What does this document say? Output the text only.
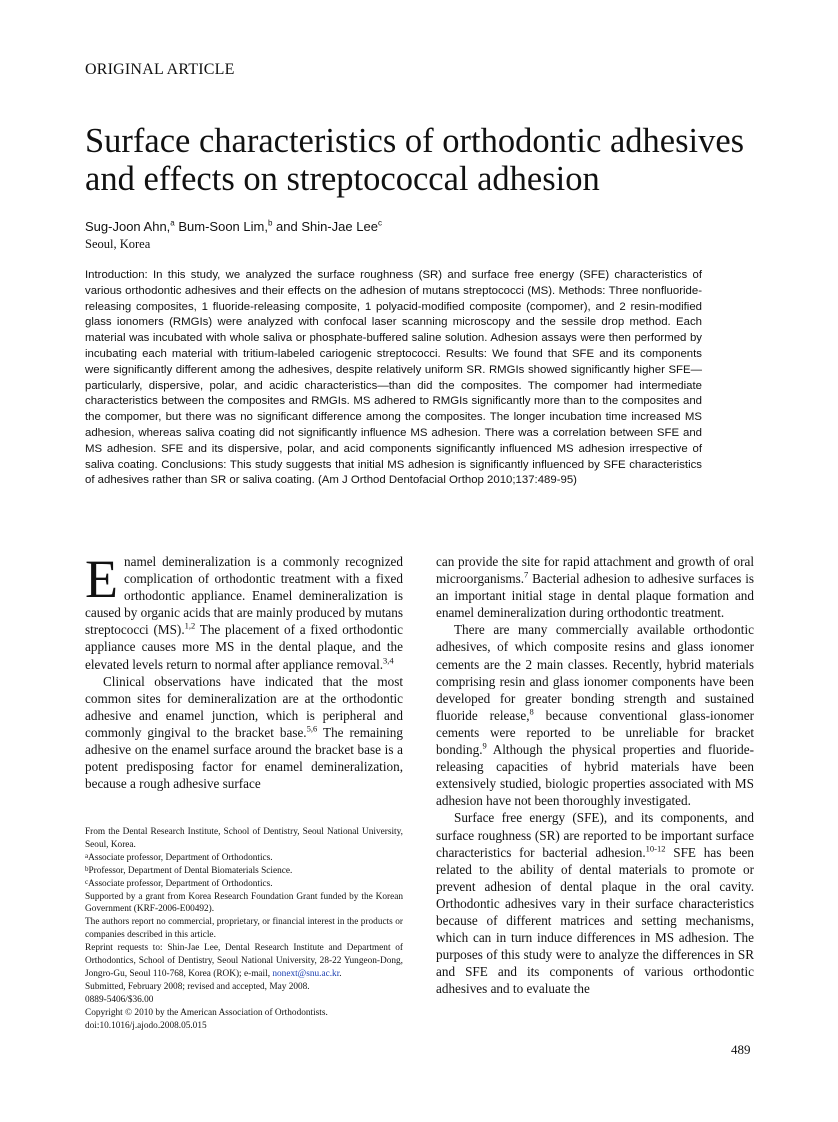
ORIGINAL ARTICLE
Surface characteristics of orthodontic adhesives and effects on streptococcal adhesion
Sug-Joon Ahn,$^a$ Bum-Soon Lim,$^b$ and Shin-Jae Lee$^c$
Seoul, Korea

Introduction: In this study, we analyzed the surface roughness (SR) and surface free energy (SFE) characteristics of various orthodontic adhesives and their effects on the adhesion of mutans streptococci (MS). Methods: Three nonfluoride-releasing composites, 1 fluoride-releasing composite, 1 polyacid-modified composite (compomer), and 2 resin-modified glass ionomers (RMGIs) were analyzed with confocal laser scanning microscopy and the sessile drop method. Each material was incubated with whole saliva or phosphate-buffered saline solution. Adhesion assays were then performed by incubating each material with tritium-labeled cariogenic streptococci. Results: We found that SFE and its components were significantly different among the adhesives, despite relatively uniform SR. RMGIs showed significantly higher SFE—particularly, dispersive, polar, and acidic characteristics—than did the composites. The compomer had intermediate characteristics between the composites and RMGIs. MS adhered to RMGIs significantly more than to the composites and the compomer, but there was no significant difference among the composites. The longer incubation time increased MS adhesion, whereas saliva coating did not significantly influence MS adhesion. There was a correlation between SFE and MS adhesion. SFE and its dispersive, polar, and acid components significantly influenced MS adhesion irrespective of saliva coating. Conclusions: This study suggests that initial MS adhesion is significantly influenced by SFE characteristics of adhesives rather than SR or saliva coating. (Am J Orthod Dentofacial Orthop 2010;137:489-95)

Enamel demineralization is a commonly recognized complication of orthodontic treatment with a fixed orthodontic appliance. Enamel demineralization is caused by organic acids that are mainly produced by mutans streptococci (MS).$^{1,2}$ The placement of a fixed orthodontic appliance causes more MS in the dental plaque, and the elevated levels return to normal after appliance removal.$^{3,4}$

Clinical observations have indicated that the most common sites for demineralization are at the orthodontic adhesive and enamel junction, which is peripheral and commonly gingival to the bracket base.$^{5,6}$ The remaining adhesive on the enamel surface around the bracket base is a potent predisposing factor for enamel demineralization, because a rough adhesive surface

can provide the site for rapid attachment and growth of oral microorganisms.$^7$ Bacterial adhesion to adhesive surfaces is an important initial stage in dental plaque formation and enamel demineralization during orthodontic treatment.

There are many commercially available orthodontic adhesives, of which composite resins and glass ionomer cements are the 2 main classes. Recently, hybrid materials comprising resin and glass ionomer components have been developed for greater bonding strength and sustained fluoride release,$^8$ because conventional glass-ionomer cements were reported to be unreliable for bracket bonding.$^9$ Although the physical properties and fluoride-releasing capacities of hybrid materials have been extensively studied, biologic properties associated with MS adhesion have not been thoroughly investigated.

Surface free energy (SFE), and its components, and surface roughness (SR) are reported to be important surface characteristics for bacterial adhesion.$^{10-12}$ SFE has been related to the ability of dental materials to promote or prevent adhesion of dental plaque in the oral cavity. Orthodontic adhesives vary in their surface characteristics because of different matrices and setting mechanisms, which can in turn induce differences in MS adhesion. The purposes of this study were to analyze the differences in SR and SFE and its components of various orthodontic adhesives and to evaluate the

From the Dental Research Institute, School of Dentistry, Seoul National University, Seoul, Korea.

aAssociate professor, Department of Orthodontics.

bProfessor, Department of Dental Biomaterials Science.

cAssociate professor, Department of Orthodontics.

Supported by a grant from Korea Research Foundation Grant funded by the Korean Government (KRF-2006-E00492).

The authors report no commercial, proprietary, or financial interest in the products or companies described in this article.

Reprint requests to: Shin-Jae Lee, Dental Research Institute and Department of Orthodontics, School of Dentistry, Seoul National University, 28-22 Yungeon-Dong, Jongro-Gu, Seoul 110-768, Korea (ROK); e-mail, nonext@snu.ac.kr.

Submitted, February 2008; revised and accepted, May 2008.

0889-5406/$36.00

Copyright © 2010 by the American Association of Orthodontists.

doi:10.1016/j.ajodo.2008.05.015

489
